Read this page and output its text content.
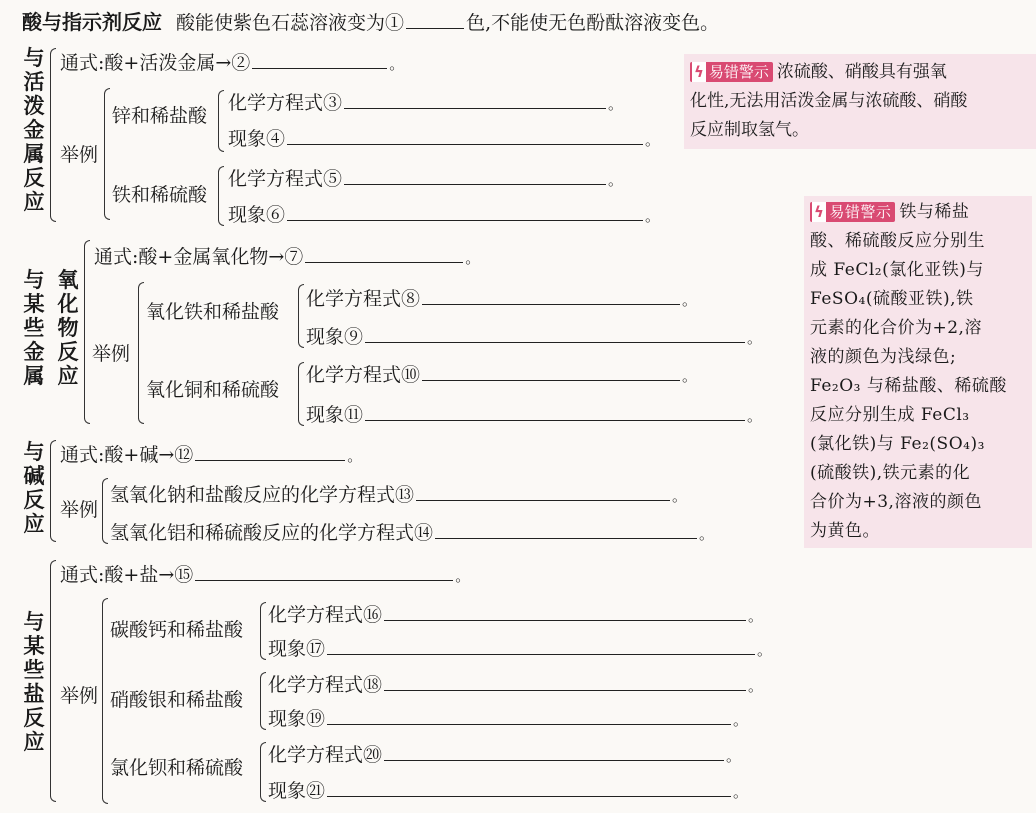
酸与指示剂反应 酸能使紫色石蕊溶液变为①	色,不能使无色酚酞溶液变色。
与
活
泼
金
属
反
应
通式:酸+活泼金属→②	。
举例
锌和稀盐酸
化学方程式③	。
现象④	。
铁和稀硫酸
化学方程式⑤	。
现象⑥	。
与
某
些
金
属
氧
化
物
反
应
通式:酸+金属氧化物→⑦	。
举例
氧化铁和稀盐酸
化学方程式⑧	。
现象⑨	。
氧化铜和稀硫酸
化学方程式⑩	。
现象⑪	。
与
碱
反
应
通式:酸+碱→⑫	。
举例
氢氧化钠和盐酸反应的化学方程式⑬	。
氢氧化铝和稀硫酸反应的化学方程式⑭	。
与
某
些
盐
反
应
通式:酸+盐→⑮	。
举例
碳酸钙和稀盐酸
化学方程式⑯	。
现象⑰	。
硝酸银和稀盐酸
化学方程式⑱	。
现象⑲	。
氯化钡和稀硫酸
化学方程式⑳	。
现象㉑	。
ϟ 易错警示 浓硫酸、硝酸具有强氧
化性,无法用活泼金属与浓硫酸、硝酸
反应制取氢气。
ϟ 易错警示 铁与稀盐
酸、稀硫酸反应分别生
成 FeCl₂(氯化亚铁)与
FeSO₄(硫酸亚铁),铁
元素的化合价为+2,溶
液的颜色为浅绿色;
Fe₂O₃ 与稀盐酸、稀硫酸
反应分别生成 FeCl₃
(氯化铁)与 Fe₂(SO₄)₃
(硫酸铁),铁元素的化
合价为+3,溶液的颜色
为黄色。
